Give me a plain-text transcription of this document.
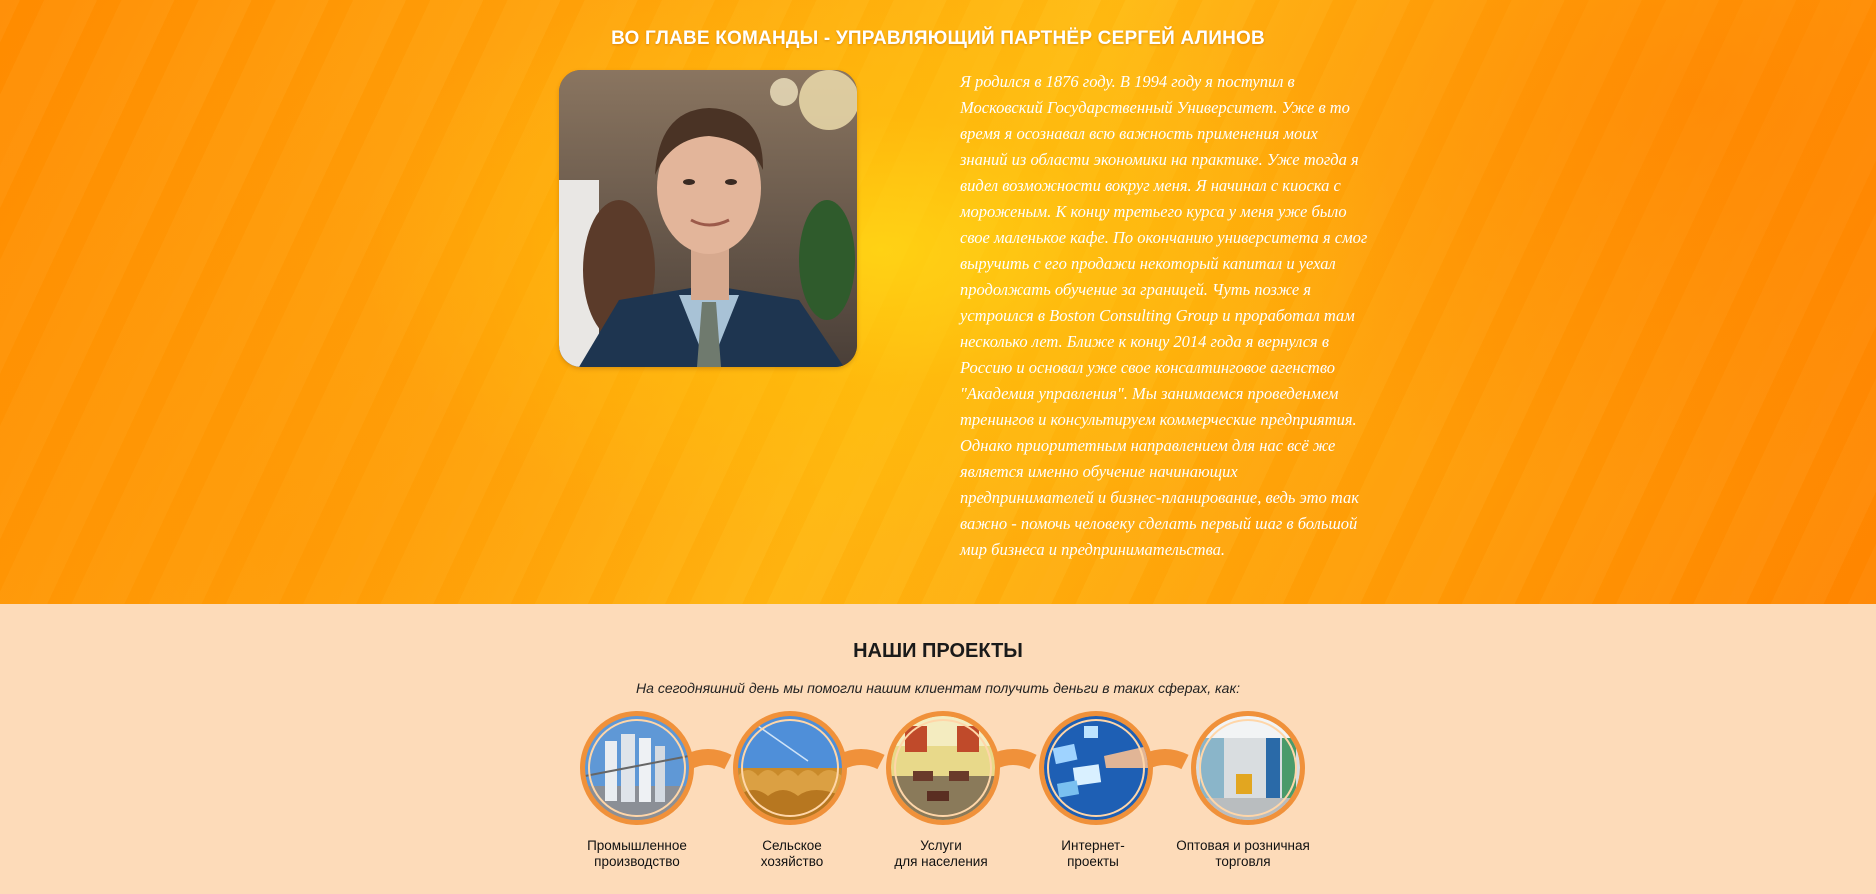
ВО ГЛАВЕ КОМАНДЫ - УПРАВЛЯЮЩИЙ ПАРТНЁР СЕРГЕЙ АЛИНОВ
Я родился в 1876 году. В 1994 году я поступил в
Московский Государственный Университет. Уже в то
время я осознавал всю важность применения моих
знаний из области экономики на практике. Уже тогда я
видел возможности вокруг меня. Я начинал с киоска с
мороженым. К концу третьего курса у меня уже было
свое маленькое кафе. По окончанию университета я смог
выручить с его продажи некоторый капитал и уехал
продолжать обучение за границей. Чуть позже я
устроился в Boston Consulting Group и проработал там
несколько лет. Ближе к концу 2014 года я вернулся в
Россию и основал уже свое консалтинговое агенство
"Академия управления". Мы занимаемся проведенмем
тренингов и консультируем коммерческие предприятия.
Однако приоритетным направлением для нас всё же
является именно обучение начинающих
предпринимателей и бизнес-планирование, ведь это так
важно - помочь человеку сделать первый шаг в большой
мир бизнеса и предпринимательства.
НАШИ ПРОЕКТЫ
На сегодняшний день мы помогли нашим клиентам получить деньги в таких сферах, как:
Промышленное
производство
Сельское
хозяйство
Услуги
для населения
Интернет-
проекты
Оптовая и розничная
торговля
